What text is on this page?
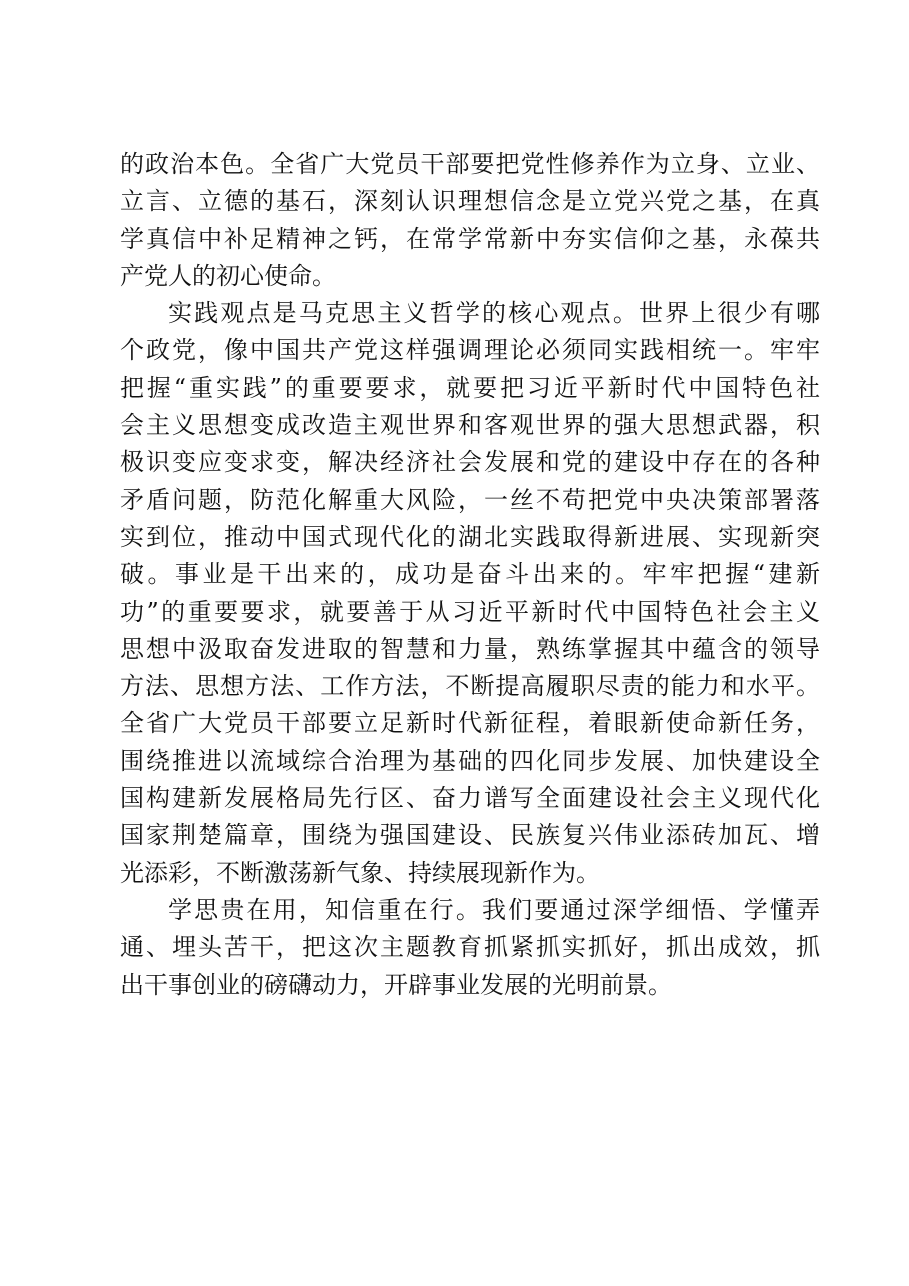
的政治本色。全省广大党员干部要把党性修养作为立身、立业、
立言、立德的基石，深刻认识理想信念是立党兴党之基，在真
学真信中补足精神之钙，在常学常新中夯实信仰之基，永葆共
产党人的初心使命。
实践观点是马克思主义哲学的核心观点。世界上很少有哪
个政党，像中国共产党这样强调理论必须同实践相统一。牢牢
把握“重实践”的重要要求，就要把习近平新时代中国特色社
会主义思想变成改造主观世界和客观世界的强大思想武器，积
极识变应变求变，解决经济社会发展和党的建设中存在的各种
矛盾问题，防范化解重大风险，一丝不苟把党中央决策部署落
实到位，推动中国式现代化的湖北实践取得新进展、实现新突
破。事业是干出来的，成功是奋斗出来的。牢牢把握“建新
功”的重要要求，就要善于从习近平新时代中国特色社会主义
思想中汲取奋发进取的智慧和力量，熟练掌握其中蕴含的领导
方法、思想方法、工作方法，不断提高履职尽责的能力和水平。
全省广大党员干部要立足新时代新征程，着眼新使命新任务，
围绕推进以流域综合治理为基础的四化同步发展、加快建设全
国构建新发展格局先行区、奋力谱写全面建设社会主义现代化
国家荆楚篇章，围绕为强国建设、民族复兴伟业添砖加瓦、增
光添彩，不断激荡新气象、持续展现新作为。
学思贵在用，知信重在行。我们要通过深学细悟、学懂弄
通、埋头苦干，把这次主题教育抓紧抓实抓好，抓出成效，抓
出干事创业的磅礴动力，开辟事业发展的光明前景。
